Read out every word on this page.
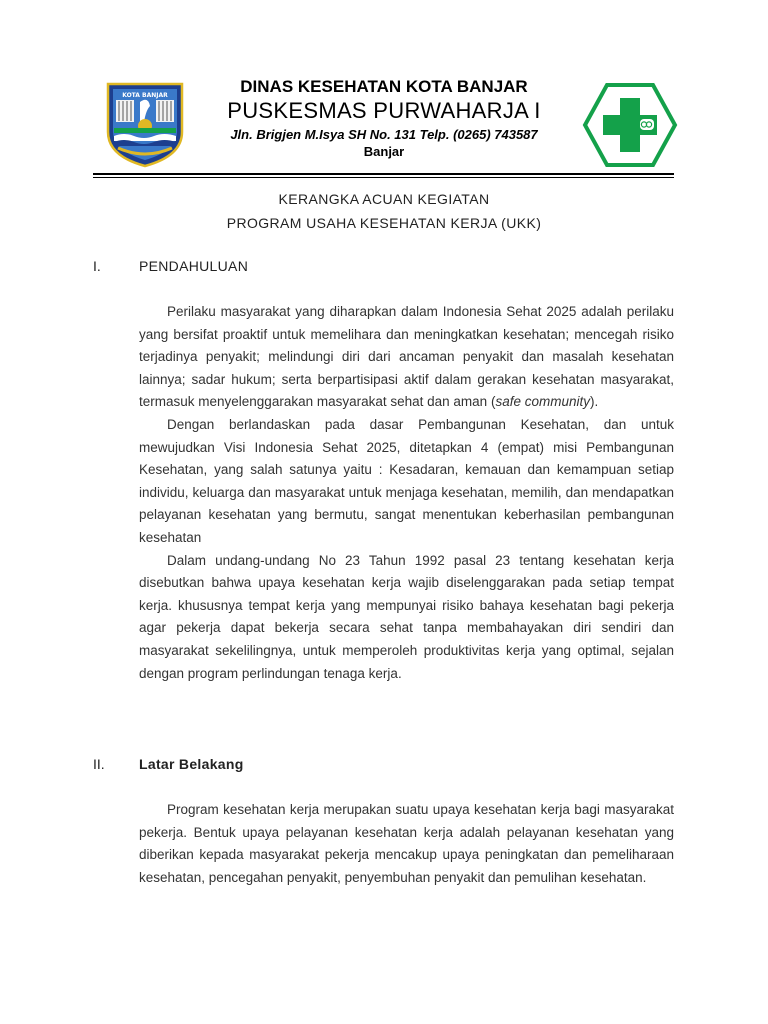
KOTA BANJAR	DINAS KESEHATAN KOTA BANJAR
PUSKESMAS PURWAHARJA I
Jln. Brigjen M.Isya SH No. 131 Telp. (0265) 743587
Banjar
KERANGKA ACUAN KEGIATAN
PROGRAM USAHA KESEHATAN KERJA (UKK)
I.	PENDAHULUAN

Perilaku masyarakat yang diharapkan dalam Indonesia Sehat 2025 adalah perilaku yang bersifat proaktif untuk memelihara dan meningkatkan kesehatan; mencegah risiko terjadinya penyakit; melindungi diri dari ancaman penyakit dan masalah kesehatan lainnya; sadar hukum; serta berpartisipasi aktif dalam gerakan kesehatan masyarakat, termasuk menyelenggarakan masyarakat sehat dan aman (safe community).

Dengan berlandaskan pada dasar Pembangunan Kesehatan, dan untuk mewujudkan Visi Indonesia Sehat 2025, ditetapkan 4 (empat) misi Pembangunan Kesehatan, yang salah satunya yaitu : Kesadaran, kemauan dan kemampuan setiap individu, keluarga dan masyarakat untuk menjaga kesehatan, memilih, dan mendapatkan pelayanan kesehatan yang bermutu, sangat menentukan keberhasilan pembangunan kesehatan

Dalam undang-undang No 23 Tahun 1992 pasal 23 tentang kesehatan kerja disebutkan bahwa upaya kesehatan kerja wajib diselenggarakan pada setiap tempat kerja. khususnya tempat kerja yang mempunyai risiko bahaya kesehatan bagi pekerja agar pekerja dapat bekerja secara sehat tanpa membahayakan diri sendiri dan masyarakat sekelilingnya, untuk memperoleh produktivitas kerja yang optimal, sejalan dengan program perlindungan tenaga kerja.

II. Latar Belakang

Program kesehatan kerja merupakan suatu upaya kesehatan kerja bagi masyarakat pekerja. Bentuk upaya pelayanan kesehatan kerja adalah pelayanan kesehatan yang diberikan kepada masyarakat pekerja mencakup upaya peningkatan dan pemeliharaan kesehatan, pencegahan penyakit, penyembuhan penyakit dan pemulihan kesehatan.
